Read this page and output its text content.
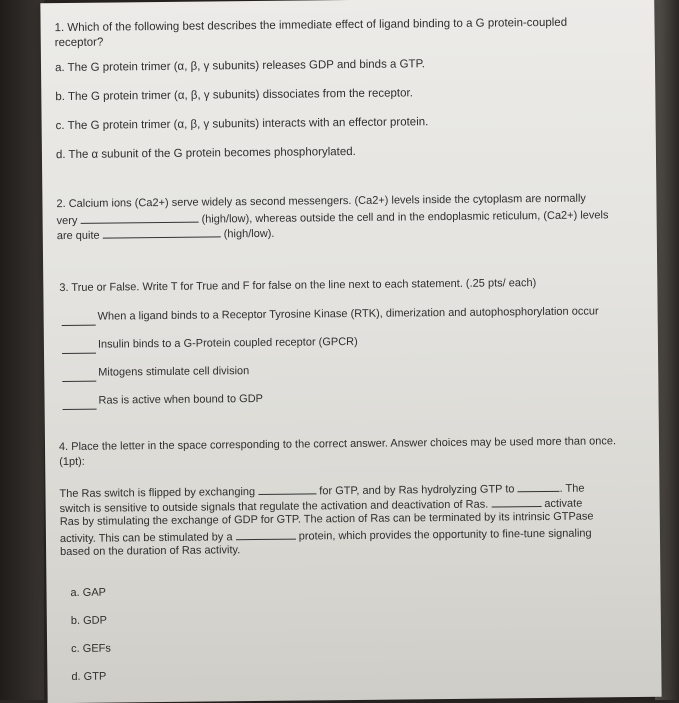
1. Which of the following best describes the immediate effect of ligand binding to a G protein-coupled receptor?
a. The G protein trimer (α, β, γ subunits) releases GDP and binds a GTP.
b. The G protein trimer (α, β, γ subunits) dissociates from the receptor.
c. The G protein trimer (α, β, γ subunits) interacts with an effector protein.
d. The α subunit of the G protein becomes phosphorylated.
2. Calcium ions (Ca2+) serve widely as second messengers. (Ca2+) levels inside the cytoplasm are normally
very	(high/low), whereas outside the cell and in the endoplasmic reticulum, (Ca2+) levels
are quite	(high/low).
3. True or False. Write T for True and F for false on the line next to each statement. (.25 pts/ each)
When a ligand binds to a Receptor Tyrosine Kinase (RTK), dimerization and autophosphorylation occur
Insulin binds to a G-Protein coupled receptor (GPCR)
Mitogens stimulate cell division
Ras is active when bound to GDP
4. Place the letter in the space corresponding to the correct answer. Answer choices may be used more than once. (1pt):
The Ras switch is flipped by exchanging	for GTP, and by Ras hydrolyzing GTP to	. The
switch is sensitive to outside signals that regulate the activation and deactivation of Ras.	activate
Ras by stimulating the exchange of GDP for GTP. The action of Ras can be terminated by its intrinsic GTPase
activity. This can be stimulated by a	protein, which provides the opportunity to fine-tune signaling
based on the duration of Ras activity.
a. GAP
b. GDP
c. GEFs
d. GTP
